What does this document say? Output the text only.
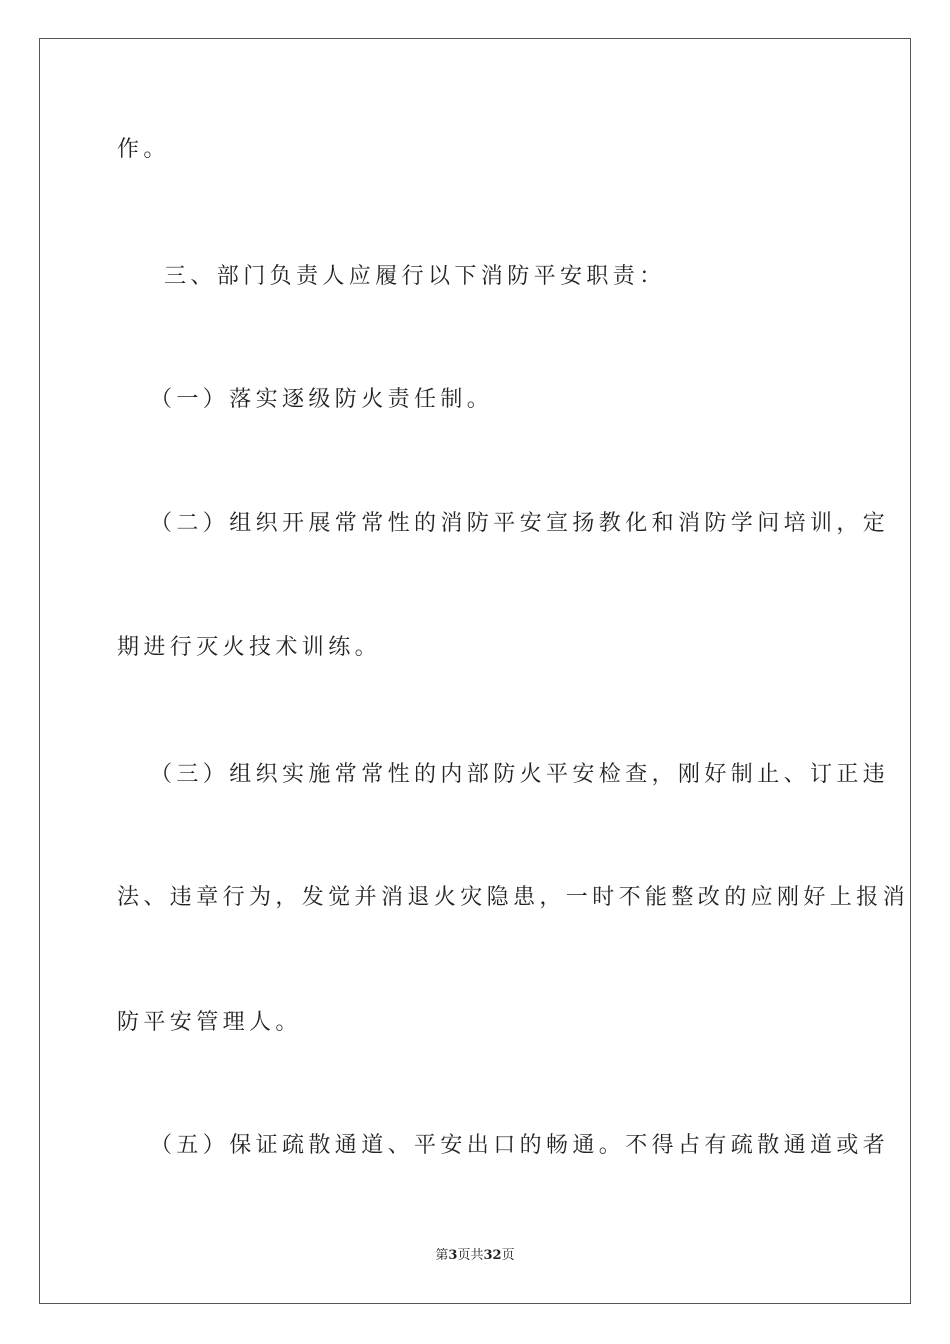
作。
三、部门负责人应履行以下消防平安职责：
（一）落实逐级防火责任制。
（二）组织开展常常性的消防平安宣扬教化和消防学问培训，定
期进行灭火技术训练。
（三）组织实施常常性的内部防火平安检查，刚好制止、订正违
法、违章行为，发觉并消退火灾隐患，一时不能整改的应刚好上报消
防平安管理人。
（五）保证疏散通道、平安出口的畅通。不得占有疏散通道或者
第3页共32页
